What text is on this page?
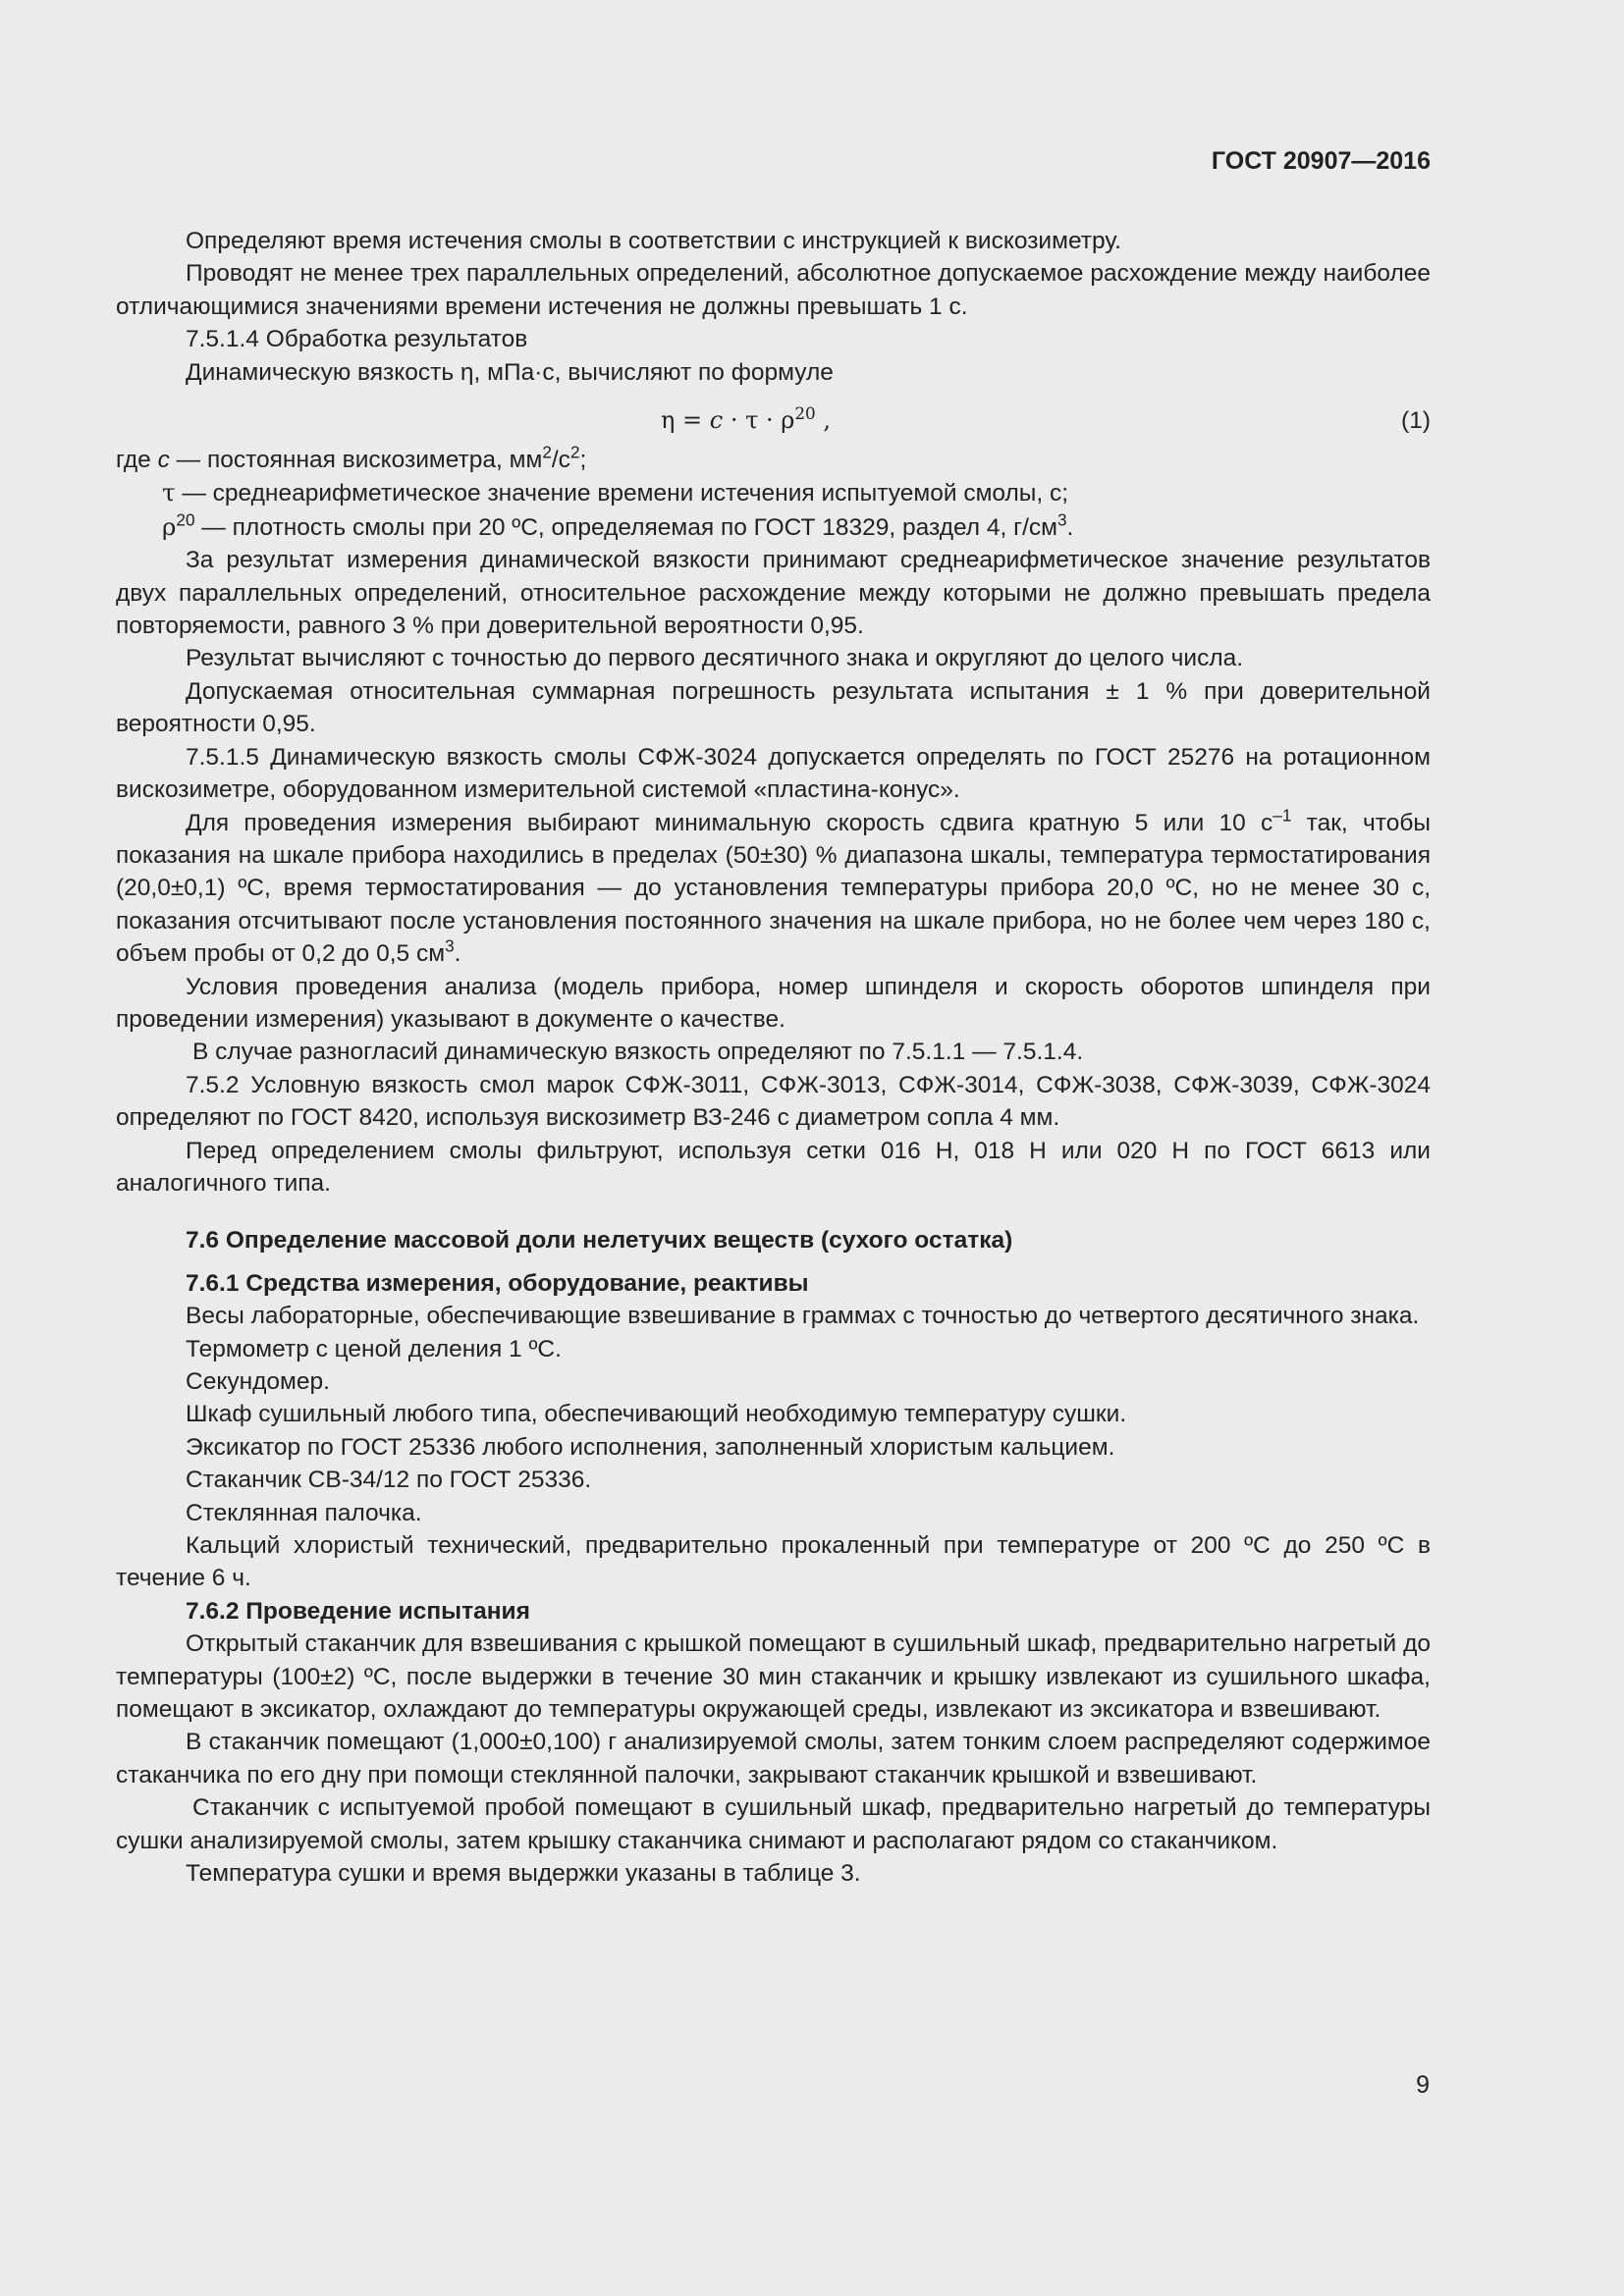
ГОСТ 20907—2016

Определяют время истечения смолы в соответствии с инструкцией к вискозиметру.

Проводят не менее трех параллельных определений, абсолютное допускаемое расхождение между наиболее отличающимися значениями времени истечения не должны превышать 1 с.

7.5.1.4 Обработка результатов

Динамическую вязкость η, мПа·с, вычисляют по формуле

$\eta = c \cdot \tau \cdot \rho^{20}$ ,	(1)

где c — постоянная вискозиметра, $мм^2/с^2$;

τ — среднеарифметическое значение времени истечения испытуемой смолы, с;

$\rho^{20}$ — плотность смолы при 20 ºС, определяемая по ГОСТ 18329, раздел 4, $г/см^3$.

За результат измерения динамической вязкости принимают среднеарифметическое значение результатов двух параллельных определений, относительное расхождение между которыми не должно превышать предела повторяемости, равного 3 % при доверительной вероятности 0,95.

Результат вычисляют с точностью до первого десятичного знака и округляют до целого числа.

Допускаемая относительная суммарная погрешность результата испытания ± 1 % при доверительной вероятности 0,95.

7.5.1.5 Динамическую вязкость смолы СФЖ-3024 допускается определять по ГОСТ 25276 на ротационном вискозиметре, оборудованном измерительной системой «пластина-конус».

Для проведения измерения выбирают минимальную скорость сдвига кратную 5 или 10 $с^{-1}$ так, чтобы показания на шкале прибора находились в пределах (50±30) % диапазона шкалы, температура термостатирования (20,0±0,1) ºС, время термостатирования — до установления температуры прибора 20,0 ºС, но не менее 30 с, показания отсчитывают после установления постоянного значения на шкале прибора, но не более чем через 180 с, объем пробы от 0,2 до 0,5 $см^3$.

Условия проведения анализа (модель прибора, номер шпинделя и скорость оборотов шпинделя при проведении измерения) указывают в документе о качестве.

В случае разногласий динамическую вязкость определяют по 7.5.1.1 — 7.5.1.4.

7.5.2 Условную вязкость смол марок СФЖ-3011, СФЖ-3013, СФЖ-3014, СФЖ-3038, СФЖ-3039, СФЖ-3024 определяют по ГОСТ 8420, используя вискозиметр ВЗ-246 с диаметром сопла 4 мм.

Перед определением смолы фильтруют, используя сетки 016 Н, 018 Н или 020 Н по ГОСТ 6613 или аналогичного типа.

7.6 Определение массовой доли нелетучих веществ (сухого остатка)

7.6.1 Средства измерения, оборудование, реактивы

Весы лабораторные, обеспечивающие взвешивание в граммах с точностью до четвертого десятичного знака.

Термометр с ценой деления 1 ºС.

Секундомер.

Шкаф сушильный любого типа, обеспечивающий необходимую температуру сушки.

Эксикатор по ГОСТ 25336 любого исполнения, заполненный хлористым кальцием.

Стаканчик СВ-34/12 по ГОСТ 25336.

Стеклянная палочка.

Кальций хлористый технический, предварительно прокаленный при температуре от 200 ºС до 250 ºС в течение 6 ч.

7.6.2 Проведение испытания

Открытый стаканчик для взвешивания с крышкой помещают в сушильный шкаф, предварительно нагретый до температуры (100±2) ºС, после выдержки в течение 30 мин стаканчик и крышку извлекают из сушильного шкафа, помещают в эксикатор, охлаждают до температуры окружающей среды, извлекают из эксикатора и взвешивают.

В стаканчик помещают (1,000±0,100) г анализируемой смолы, затем тонким слоем распределяют содержимое стаканчика по его дну при помощи стеклянной палочки, закрывают стаканчик крышкой и взвешивают.

Стаканчик с испытуемой пробой помещают в сушильный шкаф, предварительно нагретый до температуры сушки анализируемой смолы, затем крышку стаканчика снимают и располагают рядом со стаканчиком.

Температура сушки и время выдержки указаны в таблице 3.

9
